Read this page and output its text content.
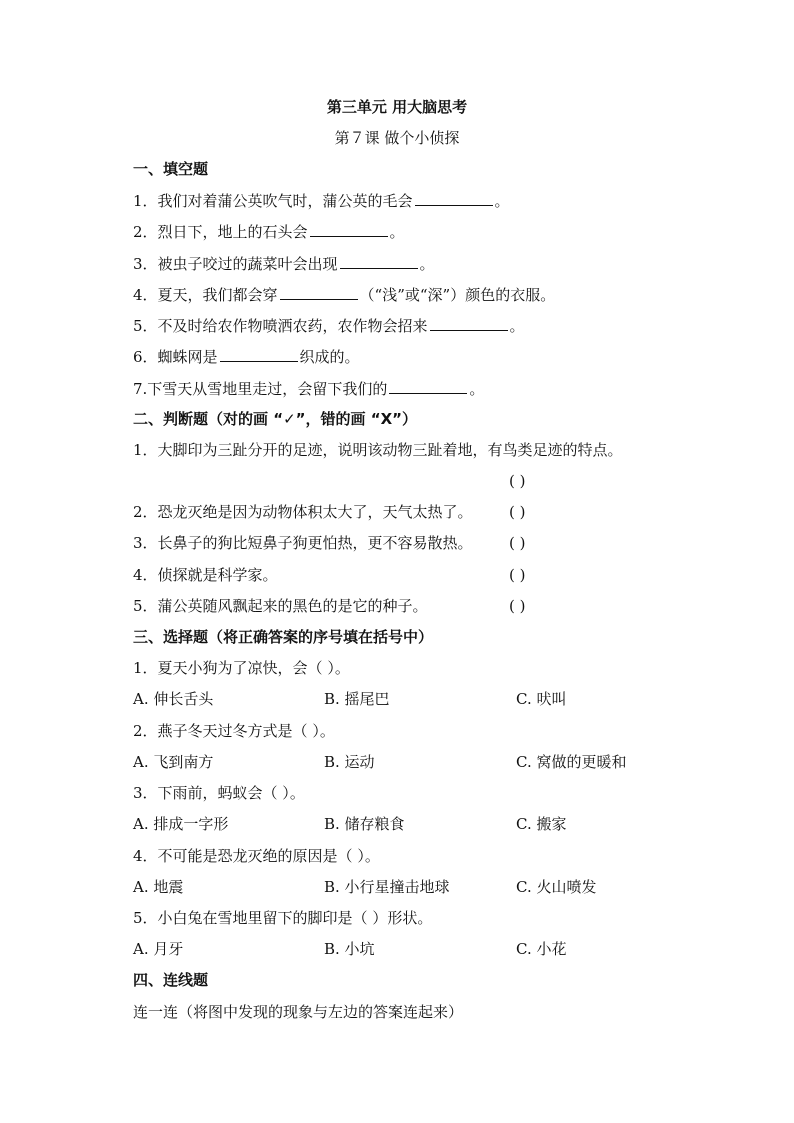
第三单元 用大脑思考
第７课 做个小侦探
一、填空题
1．我们对着蒲公英吹气时，蒲公英的毛会	。
2．烈日下，地上的石头会	。
3．被虫子咬过的蔬菜叶会出现	。
4．夏天，我们都会穿	（“浅”或“深”）颜色的衣服。
5．不及时给农作物喷洒农药，农作物会招来	。
6．蜘蛛网是	织成的。
7.下雪天从雪地里走过，会留下我们的	。
二、判断题（对的画 “✓”，错的画 “X”）
1．大脚印为三趾分开的足迹，说明该动物三趾着地，有鸟类足迹的特点。
( )
2．恐龙灭绝是因为动物体积太大了，天气太热了。 ( )
3．长鼻子的狗比短鼻子狗更怕热，更不容易散热。 ( )
4．侦探就是科学家。	( )
5．蒲公英随风飘起来的黑色的是它的种子。	( )
三、选择题（将正确答案的序号填在括号中）
1．夏天小狗为了凉快，会（ ）。
A. 伸长舌头	B. 摇尾巴	C. 吠叫
2．燕子冬天过冬方式是（ ）。
A. 飞到南方	B. 运动	C. 窝做的更暖和
3．下雨前，蚂蚁会（ ）。
A. 排成一字形	B. 储存粮食	C. 搬家
4．不可能是恐龙灭绝的原因是（ ）。
A. 地震	B. 小行星撞击地球	C. 火山喷发
5．小白兔在雪地里留下的脚印是（ ）形状。
A. 月牙	B. 小坑	C. 小花
四、连线题
连一连（将图中发现的现象与左边的答案连起来）
